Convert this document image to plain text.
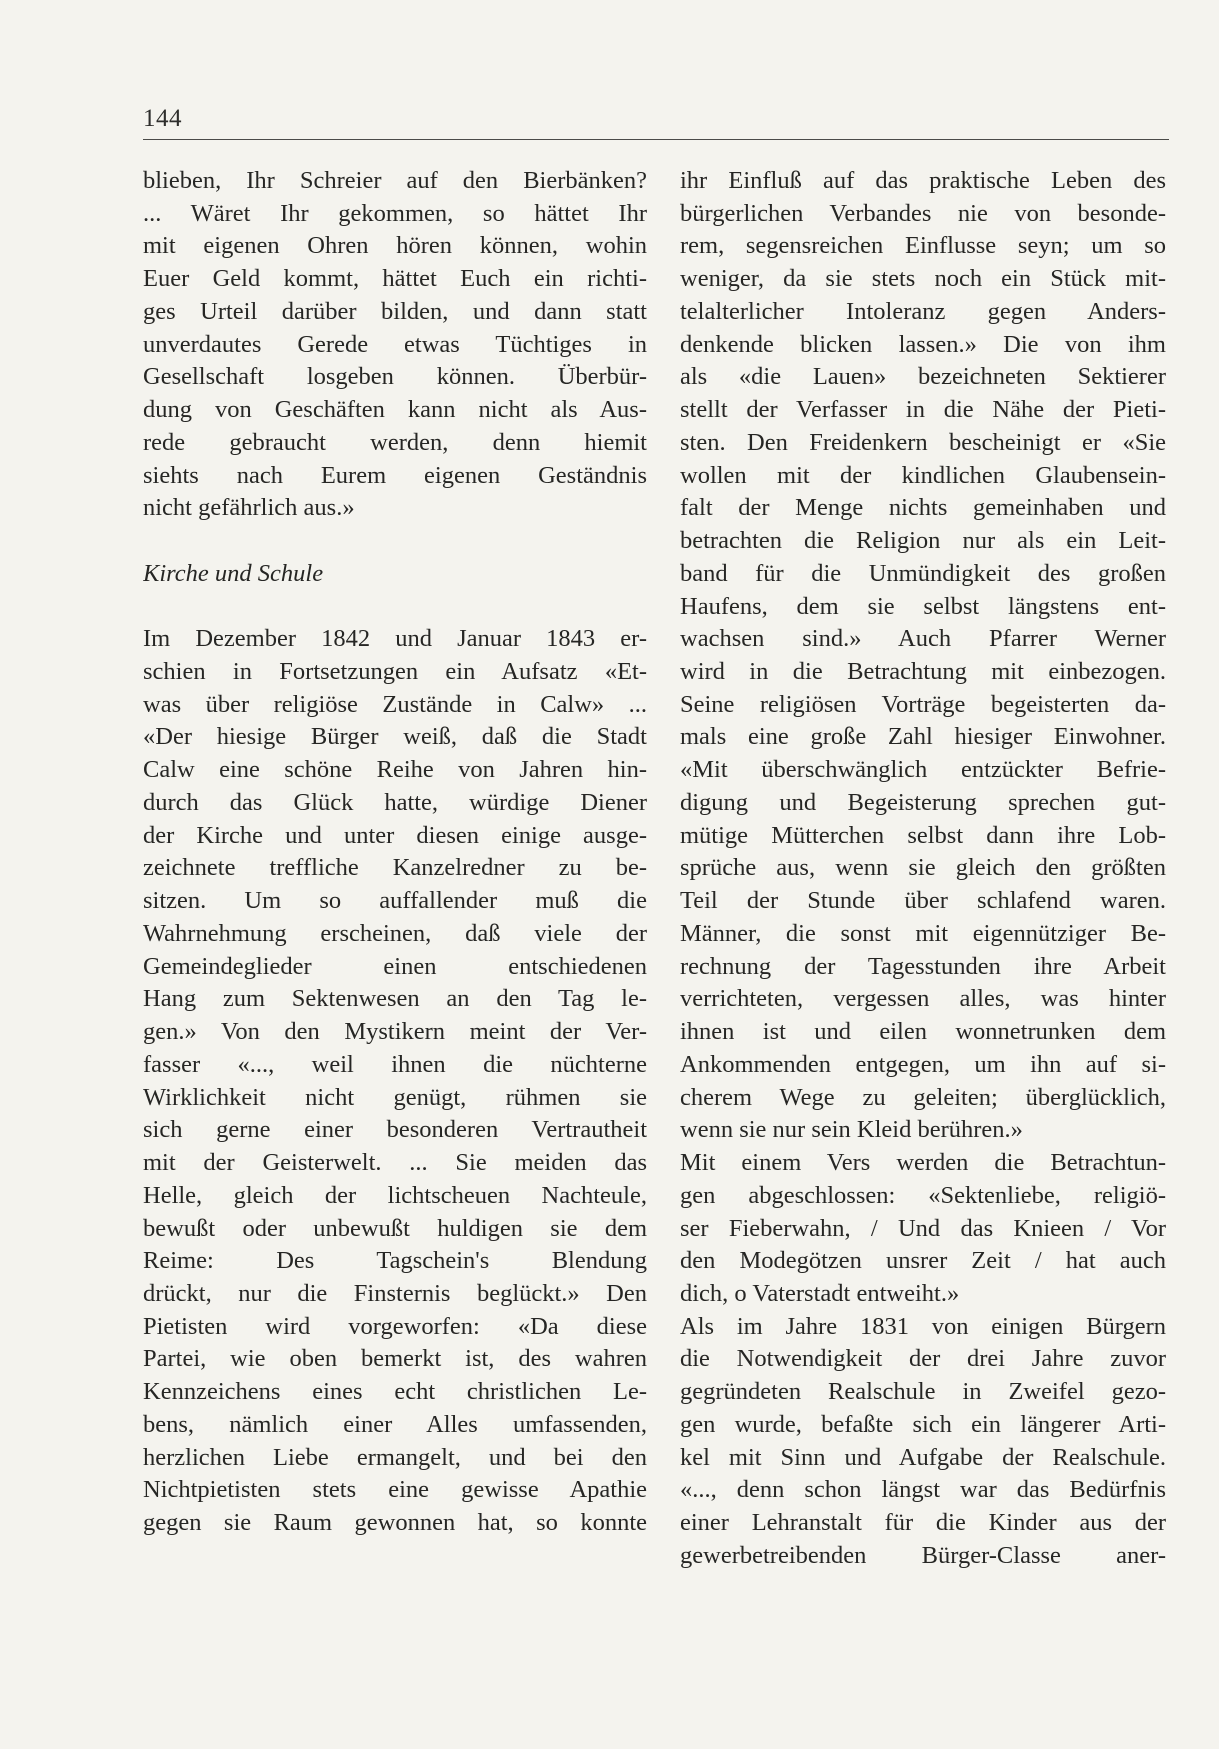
144
blieben, Ihr Schreier auf den Bierbänken?
... Wäret Ihr gekommen, so hättet Ihr
mit eigenen Ohren hören können, wohin
Euer Geld kommt, hättet Euch ein richti-
ges Urteil darüber bilden, und dann statt
unverdautes Gerede etwas Tüchtiges in
Gesellschaft losgeben können. Überbür-
dung von Geschäften kann nicht als Aus-
rede gebraucht werden, denn hiemit
siehts nach Eurem eigenen Geständnis
nicht gefährlich aus.»
Kirche und Schule
Im Dezember 1842 und Januar 1843 er-
schien in Fortsetzungen ein Aufsatz «Et-
was über religiöse Zustände in Calw» ...
«Der hiesige Bürger weiß, daß die Stadt
Calw eine schöne Reihe von Jahren hin-
durch das Glück hatte, würdige Diener
der Kirche und unter diesen einige ausge-
zeichnete treffliche Kanzelredner zu be-
sitzen. Um so auffallender muß die
Wahrnehmung erscheinen, daß viele der
Gemeindeglieder einen entschiedenen
Hang zum Sektenwesen an den Tag le-
gen.» Von den Mystikern meint der Ver-
fasser «..., weil ihnen die nüchterne
Wirklichkeit nicht genügt, rühmen sie
sich gerne einer besonderen Vertrautheit
mit der Geisterwelt. ... Sie meiden das
Helle, gleich der lichtscheuen Nachteule,
bewußt oder unbewußt huldigen sie dem
Reime: Des Tagschein's Blendung
drückt, nur die Finsternis beglückt.» Den
Pietisten wird vorgeworfen: «Da diese
Partei, wie oben bemerkt ist, des wahren
Kennzeichens eines echt christlichen Le-
bens, nämlich einer Alles umfassenden,
herzlichen Liebe ermangelt, und bei den
Nichtpietisten stets eine gewisse Apathie
gegen sie Raum gewonnen hat, so konnte
ihr Einfluß auf das praktische Leben des
bürgerlichen Verbandes nie von besonde-
rem, segensreichen Einflusse seyn; um so
weniger, da sie stets noch ein Stück mit-
telalterlicher Intoleranz gegen Anders-
denkende blicken lassen.» Die von ihm
als «die Lauen» bezeichneten Sektierer
stellt der Verfasser in die Nähe der Pieti-
sten. Den Freidenkern bescheinigt er «Sie
wollen mit der kindlichen Glaubensein-
falt der Menge nichts gemeinhaben und
betrachten die Religion nur als ein Leit-
band für die Unmündigkeit des großen
Haufens, dem sie selbst längstens ent-
wachsen sind.» Auch Pfarrer Werner
wird in die Betrachtung mit einbezogen.
Seine religiösen Vorträge begeisterten da-
mals eine große Zahl hiesiger Einwohner.
«Mit überschwänglich entzückter Befrie-
digung und Begeisterung sprechen gut-
mütige Mütterchen selbst dann ihre Lob-
sprüche aus, wenn sie gleich den größten
Teil der Stunde über schlafend waren.
Männer, die sonst mit eigennütziger Be-
rechnung der Tagesstunden ihre Arbeit
verrichteten, vergessen alles, was hinter
ihnen ist und eilen wonnetrunken dem
Ankommenden entgegen, um ihn auf si-
cherem Wege zu geleiten; überglücklich,
wenn sie nur sein Kleid berühren.»
Mit einem Vers werden die Betrachtun-
gen abgeschlossen: «Sektenliebe, religiö-
ser Fieberwahn, / Und das Knieen / Vor
den Modegötzen unsrer Zeit / hat auch
dich, o Vaterstadt entweiht.»
Als im Jahre 1831 von einigen Bürgern
die Notwendigkeit der drei Jahre zuvor
gegründeten Realschule in Zweifel gezo-
gen wurde, befaßte sich ein längerer Arti-
kel mit Sinn und Aufgabe der Realschule.
«..., denn schon längst war das Bedürfnis
einer Lehranstalt für die Kinder aus der
gewerbetreibenden Bürger-Classe aner-
